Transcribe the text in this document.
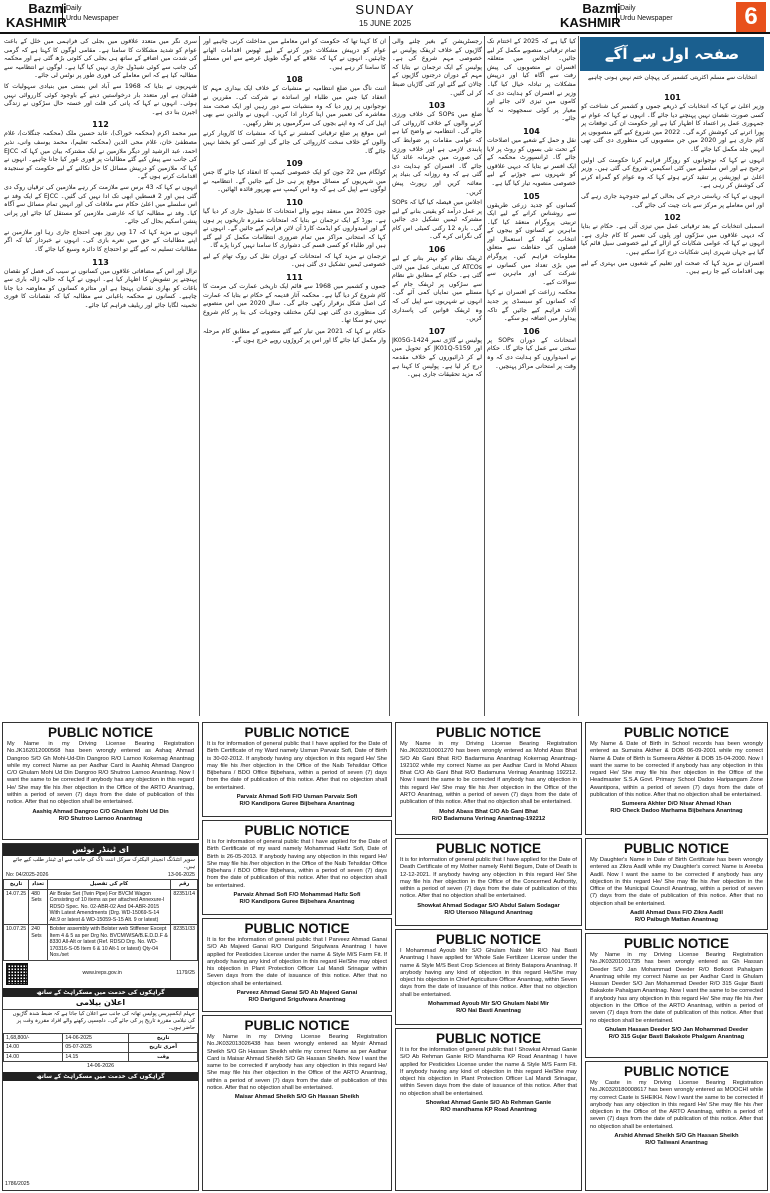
Bazmi
KASHMIR
Daily
Urdu Newspaper
SUNDAY
15 JUNE 2025
Bazmi
KASHMIR
Daily
Urdu Newspaper	6

سری نگر میں متعدد علاقوں میں بجلی کی فراہمی میں خلل کے باعث عوام کو شدید مشکلات کا سامنا ہے۔ مقامی لوگوں کا کہنا ہے کہ گرمی کی شدت میں اضافے کے ساتھ ہی بجلی کی کٹوتی بڑھ گئی ہے اور محکمہ کی جانب سے کوئی شیڈول جاری نہیں کیا گیا ہے۔ لوگوں نے انتظامیہ سے مطالبہ کیا ہے کہ اس معاملے کی فوری طور پر نوٹس لی جائے۔

شہریوں نے بتایا کہ 1968 سے آباد اس بستی میں بنیادی سہولیات کا فقدان ہے اور متعدد بار درخواستیں دینے کے باوجود کوئی کارروائی نہیں ہوئی۔ انہوں نے کہا کہ پانی کی قلت اور خستہ حال سڑکوں نے زندگی اجیرن بنا دی ہے۔

112

میر محمد اکرم (محکمہ خوراک)، عابد حسین ملک (محکمہ جنگلات)، غلام مصطفیٰ خان، غلام محی الدین (محکمہ تعلیم)، محمد یوسف وانی، نذیر احمد، عبد الرشید اور دیگر ملازمین نے ایک مشترکہ بیان میں کہا کہ EJCC کی جانب سے پیش کیے گئے مطالبات پر فوری غور کیا جانا چاہیے۔ انہوں نے کہا کہ ملازمین کو درپیش مسائل کا حل نکالنے کے لیے حکومت کو سنجیدہ اقدامات کرنے ہوں گے۔

انہوں نے کہا کہ 43 برس سے ملازمت کر رہے ملازمین کی ترقیاں روک دی گئی ہیں اور 2 قسطیں ابھی تک ادا نہیں کی گئیں۔ EJCC کے ایک وفد نے اس سلسلے میں اعلیٰ حکام سے ملاقات کی اور انہیں تمام مسائل سے آگاہ کیا۔ وفد نے مطالبہ کیا کہ عارضی ملازمین کو مستقل کیا جائے اور پرانی پنشن اسکیم بحال کی جائے۔

انہوں نے مزید کہا کہ 17 ویں روز بھی احتجاج جاری رہا اور ملازمین نے اپنے مطالبات کے حق میں نعرے بازی کی۔ انہوں نے خبردار کیا کہ اگر مطالبات تسلیم نہ کیے گئے تو احتجاج کا دائرہ وسیع کیا جائے گا۔

113

ترال اور اس کے مضافاتی علاقوں میں کسانوں نے سیب کی فصل کو نقصان پہنچنے پر تشویش کا اظہار کیا ہے۔ انہوں نے کہا کہ حالیہ ژالہ باری سے باغات کو بھاری نقصان پہنچا ہے اور متاثرہ کسانوں کو معاوضہ دیا جانا چاہیے۔ کسانوں نے محکمہ باغبانی سے مطالبہ کیا کہ نقصانات کا فوری تخمینہ لگایا جائے اور ریلیف فراہم کیا جائے۔

ان کا کہنا تھا کہ حکومت کو اس معاملے میں مداخلت کرنی چاہیے اور عوام کو درپیش مشکلات دور کرنے کے لیے ٹھوس اقدامات اٹھانے چاہئیں۔ انہوں نے کہا کہ علاقے کے لوگ طویل عرصے سے اس مسئلے کا سامنا کر رہے ہیں۔

108

اننت ناگ میں ضلع انتظامیہ نے منشیات کے خلاف ایک بیداری مہم کا انعقاد کیا جس میں طلباء اور اساتذہ نے شرکت کی۔ مقررین نے نوجوانوں پر زور دیا کہ وہ منشیات سے دور رہیں اور ایک صحت مند معاشرے کی تعمیر میں اپنا کردار ادا کریں۔ انہوں نے والدین سے بھی اپیل کی کہ وہ اپنے بچوں کی سرگرمیوں پر نظر رکھیں۔

اس موقع پر ضلع ترقیاتی کمشنر نے کہا کہ منشیات کا کاروبار کرنے والوں کے خلاف سخت کارروائی کی جائے گی اور کسی کو بخشا نہیں جائے گا۔

109

کولگام میں 22 جون کو ایک خصوصی کیمپ کا انعقاد کیا جائے گا جس میں شہریوں کے مسائل موقع پر ہی حل کیے جائیں گے۔ انتظامیہ نے لوگوں سے اپیل کی ہے کہ وہ اس کیمپ سے بھرپور فائدہ اٹھائیں۔

110

جون 2025 میں منعقد ہونے والے امتحانات کا شیڈول جاری کر دیا گیا ہے۔ بورڈ کے ایک ترجمان نے بتایا کہ امتحانات مقررہ تاریخوں پر ہوں گے اور امیدواروں کو ایڈمٹ کارڈ آن لائن فراہم کیے جائیں گے۔ انہوں نے کہا کہ امتحانی مراکز میں تمام ضروری انتظامات مکمل کر لیے گئے ہیں اور طلباء کو کسی قسم کی دشواری کا سامنا نہیں کرنا پڑے گا۔

ترجمان نے مزید کہا کہ امتحانات کے دوران نقل کی روک تھام کے لیے خصوصی ٹیمیں تشکیل دی گئی ہیں۔

111

جموں و کشمیر میں 1968 سے قائم ایک تاریخی عمارت کی مرمت کا کام شروع کر دیا گیا ہے۔ محکمہ آثار قدیمہ کے حکام نے بتایا کہ عمارت کی اصل شکل برقرار رکھی جائے گی۔ سال 2020 میں اس منصوبے کی منظوری دی گئی تھی لیکن مختلف وجوہات کی بنا پر کام شروع نہیں ہو سکا تھا۔

حکام نے کہا کہ 2021 میں تیار کیے گئے منصوبے کے مطابق کام مرحلہ وار مکمل کیا جائے گا اور اس پر کروڑوں روپے خرچ ہوں گے۔

رجسٹریشن کے بغیر چلنے والی گاڑیوں کے خلاف ٹریفک پولیس نے خصوصی مہم شروع کی ہے۔ پولیس کے ایک ترجمان نے بتایا کہ مہم کے دوران درجنوں گاڑیوں کے چالان کیے گئے اور کئی گاڑیاں ضبط کر لی گئیں۔

103

ضلع میں SOPs کی خلاف ورزی کرنے والوں کے خلاف کارروائی کی جائے گی۔ انتظامیہ نے واضح کیا ہے کہ عوامی مقامات پر ضوابط کی پابندی لازمی ہے اور خلاف ورزی کی صورت میں جرمانہ عائد کیا جائے گا۔ افسران کو ہدایت دی گئی ہے کہ وہ روزانہ کی بنیاد پر معائنہ کریں اور رپورٹ پیش کریں۔

اجلاس میں فیصلہ کیا گیا کہ SOPs پر عمل درآمد کو یقینی بنانے کے لیے مشترکہ ٹیمیں تشکیل دی جائیں گی۔ بارہ 12 رکنی کمیٹی اس کام کی نگرانی کرے گی۔

106

ٹریفک نظام کو بہتر بنانے کے لیے ATCOs کی تعیناتی عمل میں لائی گئی ہے۔ حکام کے مطابق نئے نظام سے سڑکوں پر ٹریفک جام کے مسئلے میں نمایاں کمی آئے گی۔ انہوں نے شہریوں سے اپیل کی کہ وہ ٹریفک قوانین کی پاسداری کریں۔

107

پولیس نے گاڑی نمبر JK05G-1424 اور JK01Q-5159 کو تحویل میں لے کر ڈرائیوروں کے خلاف مقدمہ درج کر لیا ہے۔ پولیس کا کہنا ہے کہ مزید تحقیقات جاری ہیں۔

کیا گیا ہے کہ 2025 کے اختتام تک تمام ترقیاتی منصوبے مکمل کر لیے جائیں۔ اجلاس میں متعلقہ افسران نے منصوبوں کی پیش رفت سے آگاہ کیا اور درپیش مشکلات پر تبادلہ خیال کیا گیا۔ وزیر نے افسران کو ہدایت دی کہ کاموں میں تیزی لائی جائے اور معیار پر کوئی سمجھوتہ نہ کیا جائے۔

104

نقل و حمل کے شعبے میں اصلاحات کے تحت نئی بسوں کو روٹ پر لایا جائے گا۔ ٹرانسپورٹ محکمہ کے ایک افسر نے بتایا کہ دیہی علاقوں کو شہروں سے جوڑنے کے لیے خصوصی منصوبہ تیار کیا گیا ہے۔

105

کسانوں کو جدید زرعی طریقوں سے روشناس کرانے کے لیے ایک تربیتی پروگرام منعقد کیا گیا۔ ماہرین نے کسانوں کو بیجوں کے انتخاب، کھاد کے استعمال اور فصلوں کی حفاظت سے متعلق معلومات فراہم کیں۔ پروگرام میں بڑی تعداد میں کسانوں نے شرکت کی اور ماہرین سے سوالات کیے۔

محکمہ زراعت کے افسران نے کہا کہ کسانوں کو سبسڈی پر جدید آلات فراہم کیے جائیں گے تاکہ پیداوار میں اضافہ ہو سکے۔

106

امتحانات کے دوران SOPs پر سختی سے عمل کیا جائے گا۔ حکام نے امیدواروں کو ہدایت دی کہ وہ وقت پر امتحانی مراکز پہنچیں۔

صفحہ اول سے آگے
انتخابات سے مسلم اکثریتی کشمیر کی پہچان ختم نہیں ہونی چاہیے
101

وزیر اعلیٰ نے کہا کہ انتخابات کے ذریعے جموں و کشمیر کی شناخت کو کسی صورت نقصان نہیں پہنچنے دیا جائے گا۔ انہوں نے کہا کہ عوام نے جمہوری عمل پر اعتماد کا اظہار کیا ہے اور حکومت ان کی توقعات پر پورا اترنے کی کوشش کرے گی۔ 2022 میں شروع کیے گئے منصوبوں پر کام جاری ہے اور 2020 میں جن منصوبوں کی منظوری دی گئی تھی انہیں جلد مکمل کیا جائے گا۔

انہوں نے کہا کہ نوجوانوں کو روزگار فراہم کرنا حکومت کی اولین ترجیح ہے اور اس سلسلے میں کئی اسکیمیں شروع کی گئی ہیں۔ وزیر اعلیٰ نے اپوزیشن پر تنقید کرتے ہوئے کہا کہ وہ عوام کو گمراہ کرنے کی کوشش کر رہی ہے۔

انہوں نے کہا کہ ریاستی درجے کی بحالی کے لیے جدوجہد جاری رہے گی اور اس معاملے پر مرکز سے بات چیت کی جائے گی۔

102

اسمبلی انتخابات کے بعد ترقیاتی عمل میں تیزی آئی ہے۔ حکام نے بتایا کہ دیہی علاقوں میں سڑکوں اور پلوں کی تعمیر کا کام جاری ہے۔ انہوں نے کہا کہ عوامی شکایات کے ازالے کے لیے خصوصی سیل قائم کیا گیا ہے جہاں شہری اپنی شکایات درج کرا سکتے ہیں۔

افسران نے مزید کہا کہ صحت اور تعلیم کے شعبوں میں بہتری کے لیے بھی اقدامات کیے جا رہے ہیں۔

PUBLIC NOTICE
My Name in my Driving License Bearing Registration No.JK162012000568 has been wrongly entered as Ashaq Ahmad Dangroo S/O Gh Mohi-Ud-Din Dangroo R/O Larnoo Kokernag Anantnag while my correct Name as per Aadhar Card is Aashiq Ahmad Dangroo C/O Ghulam Mohi Ud Din Dangroo R/O Shutroo Larnoo Anantnag. Now I want the same to be corrected if anybody has any objection in this regard He/ She may file his /her objection in the Office of the ARTO Anantnag, within a period of seven (7) days from the date of publication of this notice. After that no objection shall be entertained.
Aashiq Ahmad Dangroo C/O Ghulam Mohi Ud Din
R/O Shutroo Larnoo Anantnag
PUBLIC NOTICE
It is for information of general public that I have applied for the Date of Birth Certificate of my Ward namely Usman Parvaiz Sofi, Date of Birth is 30-02-2012. If anybody having any objection in this regard He/ She may file his /her objection in the Office of the Naib Tehsildar Office Bijbehara / BDO Office Bijbehara, within a period of seven (7) days from the date of publication of this notice. After that no objection shall be entertained.
Parvaiz Ahmad Sofi F/O Usman Parvaiz Sofi
R/O Kandipora Guree Bijbehara Anantnag
PUBLIC NOTICE
It is for information of general public that I have applied for the Date of Birth Certificate of my ward namely Mohammad Hafiz Sofi, Date of Birth is 26-05-2013. If anybody having any objection in this regard He/ She may file his /her objection in the Office of the Naib Tehsildar Office Bijbehara / BDO Office Bijbehara, within a period of seven (7) days from the date of publication of this notice. After that no objection shall be entertained.
Parvaiz Ahmad Sofi F/O Mohammad Hafiz Sofi
R/O Kandipora Guree Bijbehara Anantnag
PUBLIC NOTICE
It is for the information of general public that I Parveez Ahmad Ganai S/O Ab Majeed Ganai R/O Darigund Srigufwara Anantnag I have applied for Pesticides License under the name & Style M/S Farm Fit. If anybody having any kind of objection in this regard He/She may object his objection in Plant Protection Officer Lal Mandi Srinagar within Seven days from the date of issuance of this notice. After that no objection shall be entertained.
Parveez Ahmad Ganai S/O Ab Majeed Ganai
R/O Darigund Srigufwara Anantnag
PUBLIC NOTICE
My Name in my Driving License Bearing Registration No.JK032013026438 has been wrongly entered as Mysir Ahmad Sheikh S/O Gh Hassan Sheikh while my correct Name as per Aadhar Card is Maisar Ahmad Sheikh S/O Gh Hassan Sheikh. Now I want the same to be corrected if anybody has any objection in this regard He/ She may file his /her objection in the Office of the ARTO Anantnag, within a period of seven (7) days from the date of publication of this notice. After that no objection shall be entertained.
Maisar Ahmad Sheikh S/O Gh Hassan Sheikh
PUBLIC NOTICE
My Name in my Driving License Bearing Registration No.JK032010001270 has been wrongly entered as Mohd Abas Bhat S/O Ab Gani Bhat R/O Badarmuna Anantnag Kokernag Anantnag-192102 while my correct Name as per Aadhar Card is Mohd Abass Bhat C/O Ab Gani Bhat R/O Badamuna Verinag Anantnag 192212. Now I want the same to be corrected if anybody has any objection in this regard He/ She may file his /her objection in the Office of the ARTO Anantnag, within a period of seven (7) days from the date of publication of this notice. After that no objection shall be entertained.
Mohd Abass Bhat C/O Ab Gani Bhat
R/O Badamuna Verinag Anantnag-192212
PUBLIC NOTICE
It is for information of general public that I have applied for the Date of Death Certificate of my Mother namely Rehti Begum, Date of Death is 12-12-2021. If anybody having any objection in this regard He/ She may file his /her objection in the Office of the Concerned Authority, within a period of seven (7) days from the date of publication of this notice. After that no objection shall be entertained.
Showkat Ahmad Sodagar S/O Abdul Salam Sodagar
R/O Utersoo Nilagund Anantnag
PUBLIC NOTICE
I Mohammad Ayoub Mir S/O Ghulam Nabi Mir R/O Nai Basti Anantnag I have applied for Whole Sale Fertilizer License under the name & Style M/S Best Crop Sciences at Brinty Batapora Anantnag. If anybody having any kind of objection in this regard He/She may object his objection in Chief Agriculture Officer Anantnag, within Seven days from the date of issuance of this notice. After that no objection shall be entertained.
Mohammad Ayoub Mir S/O Ghulam Nabi Mir
R/O Nai Basti Anantnag
PUBLIC NOTICE
It is for the information of general public that I Showkat Ahmad Ganie S/O Ab Rehman Ganie R/O Mandhama KP Road Anantnag I have applied for Pesticides License under the name & Style M/S Farm Fit. If anybody having any kind of objection in this regard He/She may object his objection in Plant Protection Officer Lal Mandi Srinagar, within Seven days from the date of issuance of this notice. After that no objection shall be entertained.
Showkat Ahmad Ganie S/O Ab Rehman Ganie
R/O mandhama KP Road Anantnag
PUBLIC NOTICE
My Name & Date of Birth in School records has been wrongly entered as Sumaira Akther & DOB 06-09-2001 while my correct Name & Date of Birth is Sumeera Akhter & DOB 15-04-2000. Now I want the same to be corrected if anybody has any objection in this regard He/ She may file his /her objection in the Office of the Headmaster S.S.A Govt. Primary School Dadoo Haripangam Zone Awantipora, within a period of seven (7) days from the date of publication of this notice. After that no objection shall be entertained.
Sumeera Akhter D/O Nisar Ahmad Khan
R/O Check Dadoo Marhama Bijbehara Anantnag
PUBLIC NOTICE
My Daughter's Name in Date of Birth Certificate has been wrongly entered as Zikra Aadil while my Daughter's correct Name is Areeba Aadil. Now I want the same to be corrected if anybody has any objection in this regard He/ She may file his /her objection in the Office of the Municipal Council Anantnag, within a period of seven (7) days from the date of publication of this notice. After that no objection shall be entertained.
Aadil Ahmad Dass F/O Zikra Aadil
R/O Paibugh Mattan Anantnag
PUBLIC NOTICE
My Name in my Driving License Bearing Registration No.JK03201001735 has been wrongly entered as Gh Hassan Deeder S/O Jan Mohammad Deeder R/O Botkoot Pahalgam Anantnag while my correct Name as per Aadhar Card is Ghulam Hassan Deeder S/O Jan Mohammad Deeder R/O 315 Gujar Basti Bakakote Pahalgam Anantnag. Now I want the same to be corrected if anybody has any objection in this regard He/ She may file his /her objection in the Office of the ARTO Anantnag, within a period of seven (7) days from the date of publication of this notice. After that no objection shall be entertained.
Ghulam Hassan Deeder S/O Jan Mohammad Deeder
R/O 315 Gujar Basti Bakakote Phalgam Anantnag
PUBLIC NOTICE
My Caste in my Driving License Bearing Registration No.JK0320180008617 has been wrongly entered as MOOCHI while my correct Caste is SHEIKH. Now I want the same to be corrected if anybody has any objection in this regard He/ She may file his /her objection in the Office of the ARTO Anantnag, within a period of seven (7) days from the date of publication of this notice. After that no objection shall be entertained.
Arshid Ahmad Sheikh S/O Gh Hassan Sheikh
R/O Taliwani Anantnag
ای ٹینڈر نوٹس
سوپر انٹنڈنگ انجینئر الیکٹرک سرکل اننت ناگ کی جانب سے ای ٹینڈر طلب کیے جاتے ہیں۔
No: 04/2025-2026	13-06-2025
تاریخ	تعداد	کام کی تفصیل	رقم
14.07.25	480 Sets	Air Brake Set (Twin Pipe) For BVCM Wagon Consisting of 10 items as per attached Annexure-I RDSO Spec. No. 02-ABR-02 And 04-ABR-2015 With Latest Amendments (Drg. WD-15069-S-14 Alt.9 or latest & WD-15059-S-15 Alt. 9 or latest)	82351/14
10.07.25	240 Sets	Bolster assembly with Bolster web Stiffener Except Item 4 & 5 as per Drg No. BVCM/WSA/B.E.D.D.F & 8330 All-Alt or latest (Ref. RDSO Drg. No. WD-170316-S-05 Item 6 & 10 Alt-1 or latest) Qty-04 Nos./set	82351/33
www.ireps.gov.in	1179/25
گراہکوں کی خدمت میں مسکراہٹ کے ساتھ
اعلان بیلامی
جہلم ایکسپریس پولیس تھانہ کی جانب سے اعلان کیا جاتا ہے کہ ضبط شدہ گاڑیوں کی نیلامی مقررہ تاریخ پر کی جائے گی۔ دلچسپی رکھنے والے افراد مقررہ وقت پر حاضر ہوں۔
1,68,800/-	14-06-2025	تاریخ
14.00	05-07-2025	آخری تاریخ
14.00	14.15	وقت
14-06-2026
گراہکوں کی خدمت میں مسکراہٹ کے ساتھ
1786/2025
